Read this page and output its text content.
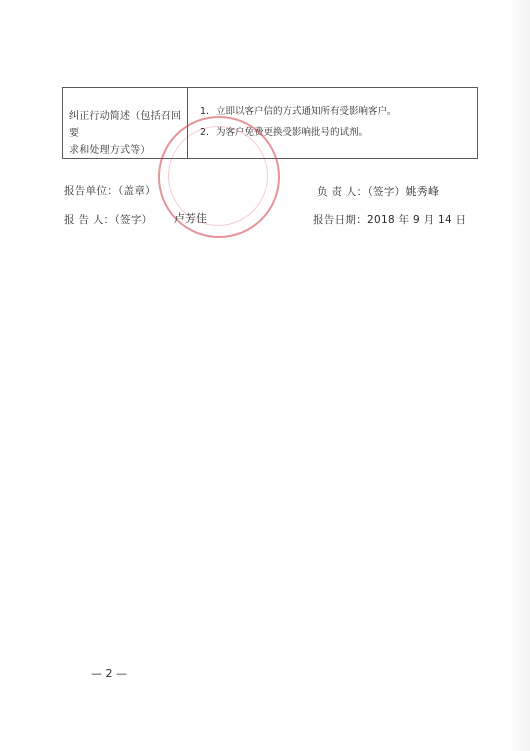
纠正行动简述（包括召回要
求和处理方式等）
1. 立即以客户信的方式通知所有受影响客户。
2. 为客户免费更换受影响批号的试剂。
报告单位：（盖章）	负 责 人：（签字）姚秀峰
报 告 人：（签字） 卢芳佳	报告日期：2018 年 9 月 14 日
— 2 —
